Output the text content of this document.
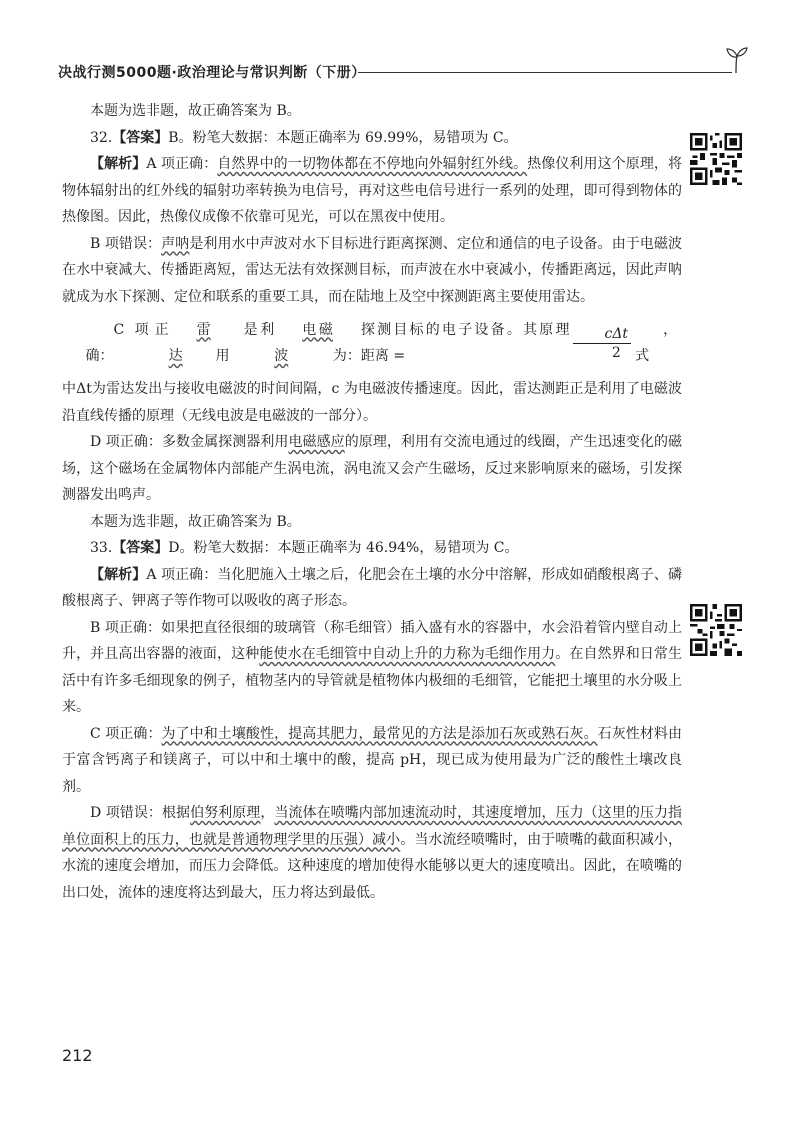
决战行测5000题·政治理论与常识判断（下册）

本题为选非题，故正确答案为 B。

32.【答案】B。粉笔大数据：本题正确率为 69.99%，易错项为 C。

【解析】A 项正确：自然界中的一切物体都在不停地向外辐射红外线。热像仪利用这个原理，将物体辐射出的红外线的辐射功率转换为电信号，再对这些电信号进行一系列的处理，即可得到物体的热像图。因此，热像仪成像不依靠可见光，可以在黑夜中使用。

B 项错误：声呐是利用水中声波对水下目标进行距离探测、定位和通信的电子设备。由于电磁波在水中衰减大、传播距离短，雷达无法有效探测目标，而声波在水中衰减小，传播距离远，因此声呐就成为水下探测、定位和联系的重要工具，而在陆地上及空中探测距离主要使用雷达。

C 项正确：
雷达
是利用
电磁波
探测目标的电子设备。其原理为：距离 =	$\frac{\text{cΔt}}{2}$	，式

中Δt为雷达发出与接收电磁波的时间间隔，c 为电磁波传播速度。因此，雷达测距正是利用了电磁波沿直线传播的原理（无线电波是电磁波的一部分）。

D 项正确：多数金属探测器利用电磁感应的原理，利用有交流电通过的线圈，产生迅速变化的磁场，这个磁场在金属物体内部能产生涡电流，涡电流又会产生磁场，反过来影响原来的磁场，引发探测器发出鸣声。

本题为选非题，故正确答案为 B。

33.【答案】D。粉笔大数据：本题正确率为 46.94%，易错项为 C。

【解析】A 项正确：当化肥施入土壤之后，化肥会在土壤的水分中溶解，形成如硝酸根离子、磷酸根离子、钾离子等作物可以吸收的离子形态。

B 项正确：如果把直径很细的玻璃管（称毛细管）插入盛有水的容器中，水会沿着管内壁自动上升，并且高出容器的液面，这种能使水在毛细管中自动上升的力称为毛细作用力。在自然界和日常生活中有许多毛细现象的例子，植物茎内的导管就是植物体内极细的毛细管，它能把土壤里的水分吸上来。

C 项正确：为了中和土壤酸性，提高其肥力，最常见的方法是添加石灰或熟石灰。石灰性材料由于富含钙离子和镁离子，可以中和土壤中的酸，提高 pH，现已成为使用最为广泛的酸性土壤改良剂。

D 项错误：根据伯努利原理，当流体在喷嘴内部加速流动时，其速度增加，压力（这里的压力指单位面积上的压力，也就是普通物理学里的压强）减小。当水流经喷嘴时，由于喷嘴的截面积减小，水流的速度会增加，而压力会降低。这种速度的增加使得水能够以更大的速度喷出。因此，在喷嘴的出口处，流体的速度将达到最大，压力将达到最低。

212
